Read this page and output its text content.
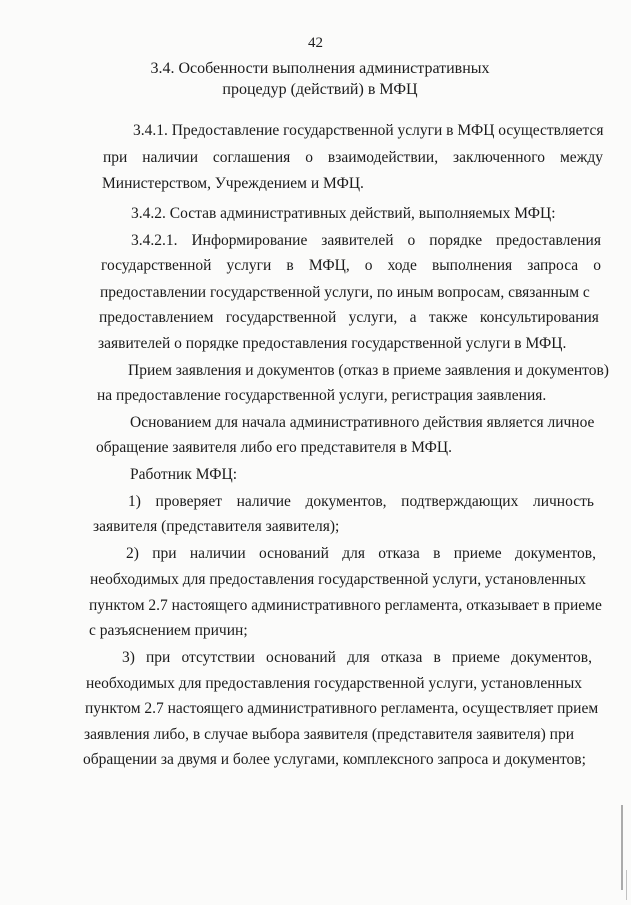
42
3.4. Особенности выполнения административных
процедур (действий) в МФЦ
3.4.1. Предоставление государственной услуги в МФЦ осуществляется
при наличии соглашения о взаимодействии, заключенного между
Министерством, Учреждением и МФЦ.
3.4.2. Состав административных действий, выполняемых МФЦ:
3.4.2.1. Информирование заявителей о порядке предоставления
государственной услуги в МФЦ, о ходе выполнения запроса о
предоставлении государственной услуги, по иным вопросам, связанным с
предоставлением государственной услуги, а также консультирования
заявителей о порядке предоставления государственной услуги в МФЦ.
Прием заявления и документов (отказ в приеме заявления и документов)
на предоставление государственной услуги, регистрация заявления.
Основанием для начала административного действия является личное
обращение заявителя либо его представителя в МФЦ.
Работник МФЦ:
1) проверяет наличие документов, подтверждающих личность
заявителя (представителя заявителя);
2) при наличии оснований для отказа в приеме документов,
необходимых для предоставления государственной услуги, установленных
пунктом 2.7 настоящего административного регламента, отказывает в приеме
с разъяснением причин;
3) при отсутствии оснований для отказа в приеме документов,
необходимых для предоставления государственной услуги, установленных
пунктом 2.7 настоящего административного регламента, осуществляет прием
заявления либо, в случае выбора заявителя (представителя заявителя) при
обращении за двумя и более услугами, комплексного запроса и документов;
